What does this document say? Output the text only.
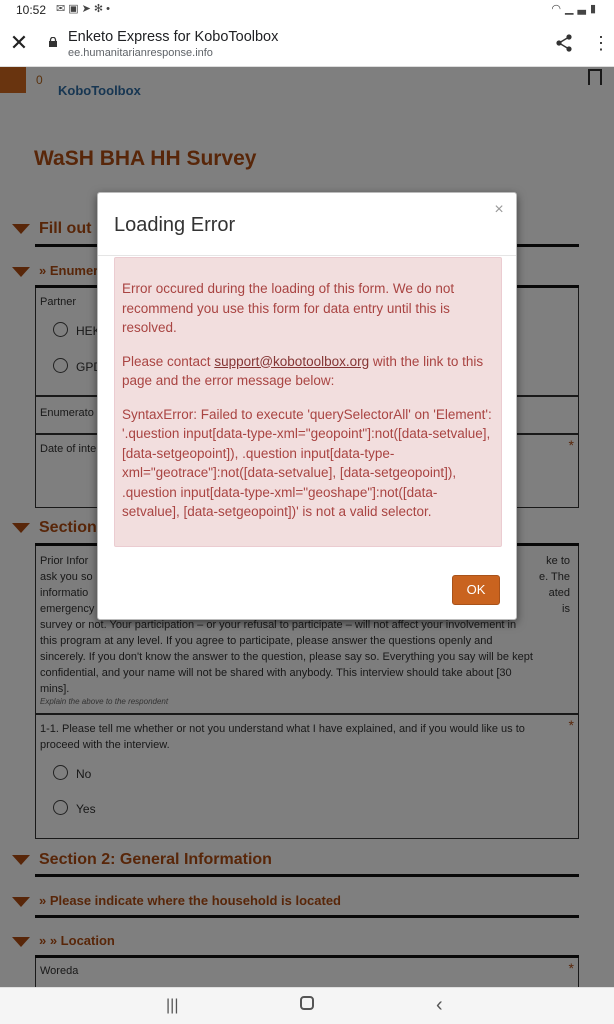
10:52 ✉▣➤✻•	◠▁▃▮
✕	Enketo Express for KoboToolbox
ee.humanitarianresponse.info	⋮
×
Loading Error

Error occured during the loading of this form. We do not recommend you use this form for data entry until this is resolved.

Please contact support@kobotoolbox.org with the link to this page and the error message below:

SyntaxError: Failed to execute 'querySelectorAll' on 'Element': '.question input[data-type-xml="geopoint"]:not([data-setvalue], [data-setgeopoint]), .question input[data-type-xml="geotrace"]:not([data-setvalue], [data-setgeopoint]), .question input[data-type-xml="geoshape"]:not([data-setvalue], [data-setgeopoint])' is not a valid selector.

OK
|||	‹
